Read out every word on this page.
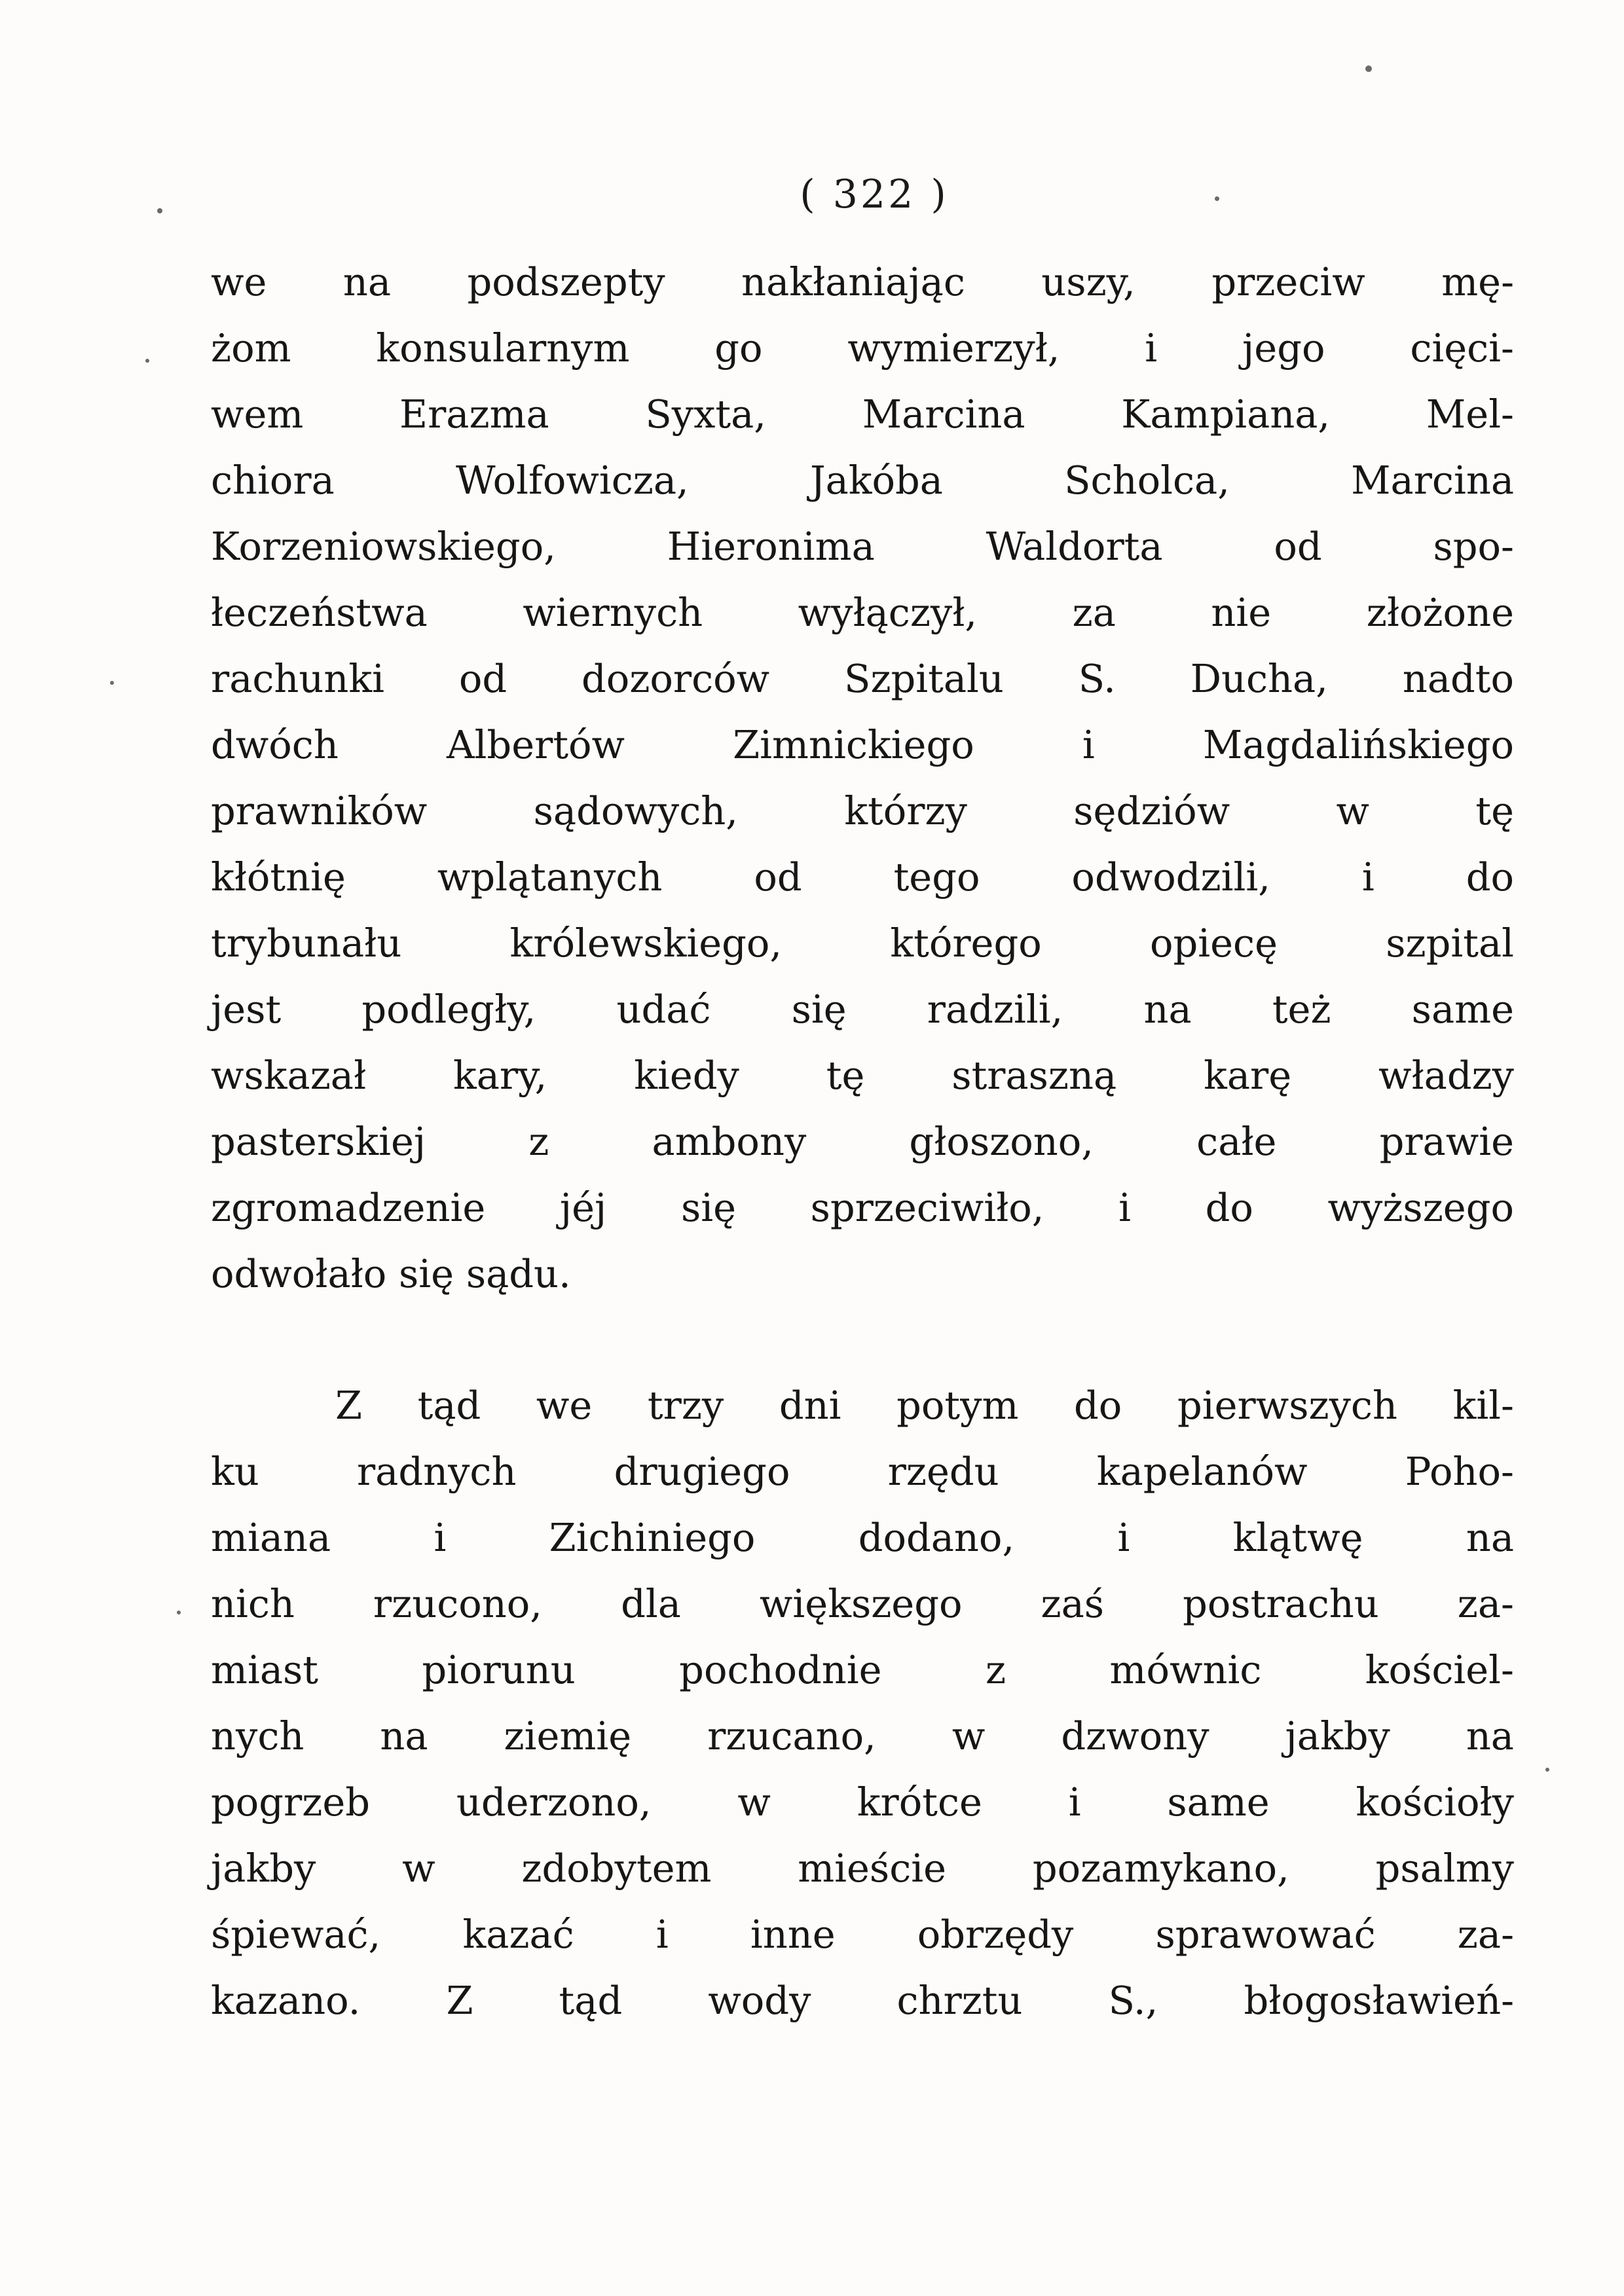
( 322 )
we na podszepty nakłaniając uszy, przeciw mę-
żom konsularnym go wymierzył, i jego cięci-
wem Erazma Syxta, Marcina Kampiana, Mel-
chiora Wolfowicza, Jakóba Scholca, Marcina
Korzeniowskiego, Hieronima Waldorta od spo-
łeczeństwa wiernych wyłączył, za nie złożone
rachunki od dozorców Szpitalu S. Ducha, nadto
dwóch Albertów Zimnickiego i Magdalińskiego
prawników sądowych, którzy sędziów w tę
kłótnię wplątanych od tego odwodzili, i do
trybunału królewskiego, którego opiecę szpital
jest podległy, udać się radzili, na też same
wskazał kary, kiedy tę straszną karę władzy
pasterskiej z ambony głoszono, całe prawie
zgromadzenie jéj się sprzeciwiło, i do wyższego
odwołało się sądu.
Z tąd we trzy dni potym do pierwszych kil-
ku radnych drugiego rzędu kapelanów Poho-
miana i Zichiniego dodano, i klątwę na
nich rzucono, dla większego zaś postrachu za-
miast piorunu pochodnie z mównic kościel-
nych na ziemię rzucano, w dzwony jakby na
pogrzeb uderzono, w krótce i same kościoły
jakby w zdobytem mieście pozamykano, psalmy
śpiewać, kazać i inne obrzędy sprawować za-
kazano. Z tąd wody chrztu S., błogosławień-
